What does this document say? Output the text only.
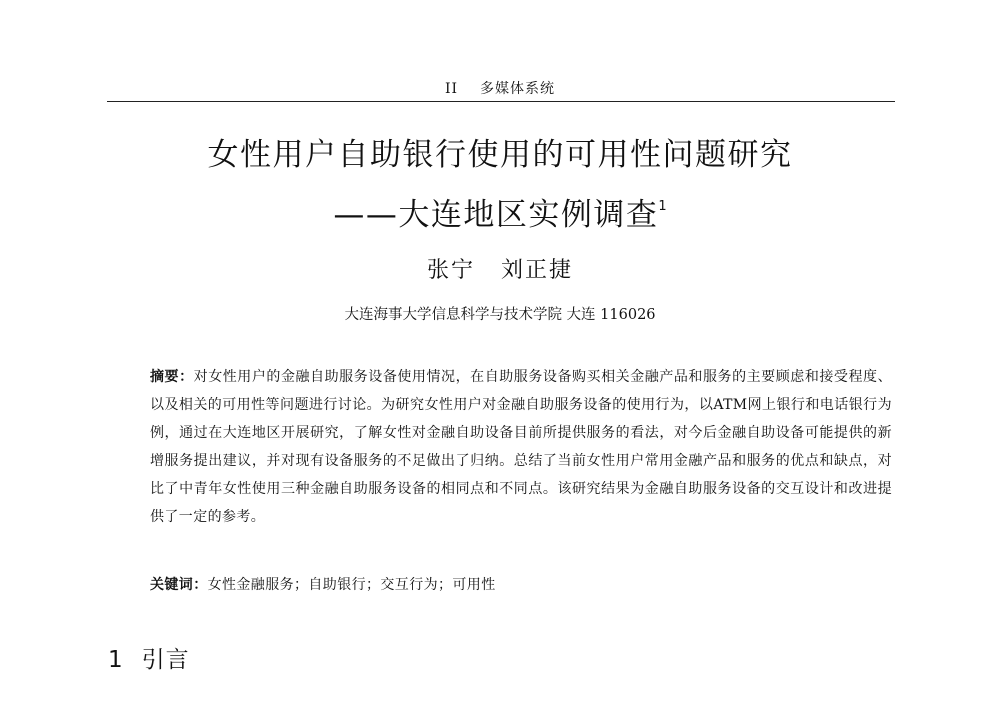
II 多媒体系统
女性用户自助银行使用的可用性问题研究
——大连地区实例调查$^1$
张宁 刘正捷
大连海事大学信息科学与技术学院 大连 116026
摘要：对女性用户的金融自助服务设备使用情况，在自助服务设备购买相关金融产品和服务的主要顾虑和接受程度、以及相关的可用性等问题进行讨论。为研究女性用户对金融自助服务设备的使用行为，以ATM网上银行和电话银行为例，通过在大连地区开展研究，了解女性对金融自助设备目前所提供服务的看法，对今后金融自助设备可能提供的新增服务提出建议，并对现有设备服务的不足做出了归纳。总结了当前女性用户常用金融产品和服务的优点和缺点，对比了中青年女性使用三种金融自助服务设备的相同点和不同点。该研究结果为金融自助服务设备的交互设计和改进提供了一定的参考。
关键词：女性金融服务；自助银行；交互行为；可用性
1 引言
